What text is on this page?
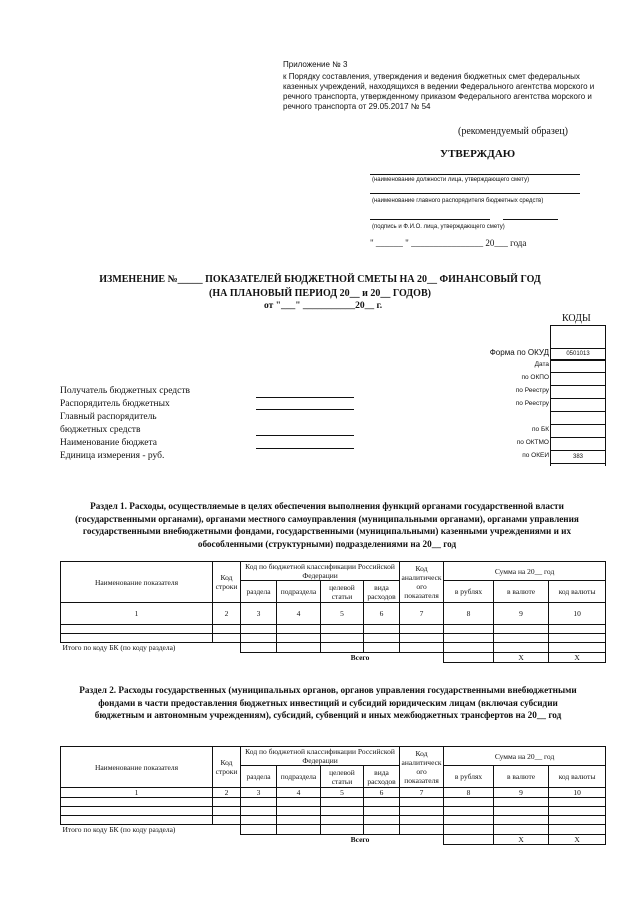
Приложение № 3
к Порядку составления, утверждения и ведения бюджетных смет федеральных казенных учреждений, находящихся в ведении Федерального агентства морского и речного транспорта, утвержденному приказом Федерального агентства морского и речного транспорта от 29.05.2017 № 54
(рекомендуемый образец)
УТВЕРЖДАЮ
(наименование должности лица, утверждающего смету)
(наименование главного распорядителя бюджетных средств)
(подпись и Ф.И.О. лица, утверждающего смету)
" ______ " ________________ 20___ года
ИЗМЕНЕНИЕ №_____ ПОКАЗАТЕЛЕЙ БЮДЖЕТНОЙ СМЕТЫ НА 20__ ФИНАНСОВЫЙ ГОД
(НА ПЛАНОВЫЙ ПЕРИОД 20__ и 20__ ГОДОВ)
от "___" ___________20__ г.
КОДЫ
Форма по ОКУД	0501013
Дата
по ОКПО
по Реестру
по Реестру
по БК
по ОКТМО
по ОКЕИ	383
Получатель бюджетных средств
Распорядитель бюджетных
Главный распорядитель
бюджетных средств
Наименование бюджета
Единица измерения - руб.
Раздел 1. Расходы, осуществляемые в целях обеспечения выполнения функций органами государственной власти (государственными органами), органами местного самоуправления (муниципальными органами), органами управления государственными внебюджетными фондами, государственными (муниципальными) казенными учреждениями и их обособленными (структурными) подразделениями на 20__ год
Наименование показателя	Код строки	Код по бюджетной классификации Российской Федерации				Код аналитическ ого показателя	Сумма на 20__ год		
		раздела	подраздела	целевой статьи	вида расходов		в рублях	в валюте	код валюты
1	2	3	4	5	6	7	8	9	10

Итого по коду БК (по коду раздела)									
				Всего				X	X
Раздел 2. Расходы государственных (муниципальных органов, органов управления государственными внебюджетными фондами в части предоставления бюджетных инвестиций и субсидий юридическим лицам (включая субсидии бюджетным и автономным учреждениям), субсидий, субвенций и иных межбюджетных трансфертов на 20__ год
Наименование показателя	Код строки	Код по бюджетной классификации Российской Федерации				Код аналитическ ого показателя	Сумма на 20__ год		
		раздела	подраздела	целевой статьи	вида расходов		в рублях	в валюте	код валюты
1	2	3	4	5	6	7	8	9	10

Итого по коду БК (по коду раздела)									
				Всего				X	X
